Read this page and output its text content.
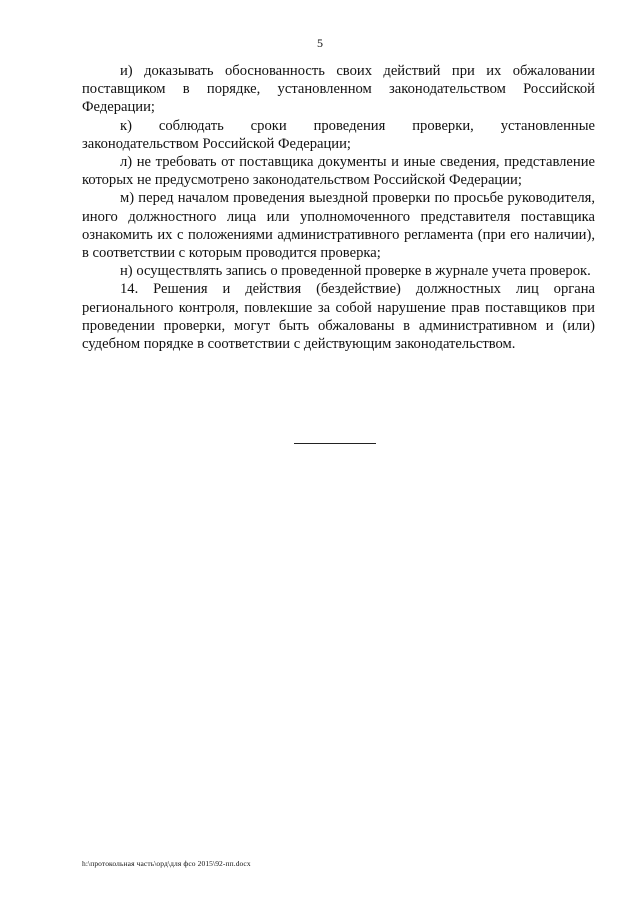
5

и) доказывать обоснованность своих действий при их обжаловании поставщиком в порядке, установленном законодательством Российской Федерации;

к) соблюдать сроки проведения проверки, установленные законодательством Российской Федерации;

л) не требовать от поставщика документы и иные сведения, представление которых не предусмотрено законодательством Российской Федерации;

м) перед началом проведения выездной проверки по просьбе руководителя, иного должностного лица или уполномоченного представителя поставщика ознакомить их с положениями административного регламента (при его наличии), в соответствии с которым проводится проверка;

н) осуществлять запись о проведенной проверке в журнале учета проверок.

14. Решения и действия (бездействие) должностных лиц органа регионального контроля, повлекшие за собой нарушение прав поставщиков при проведении проверки, могут быть обжалованы в административном и (или) судебном порядке в соответствии с действующим законодательством.

h:\протокольная часть\орд\для фсо 2015\92-пп.docx
